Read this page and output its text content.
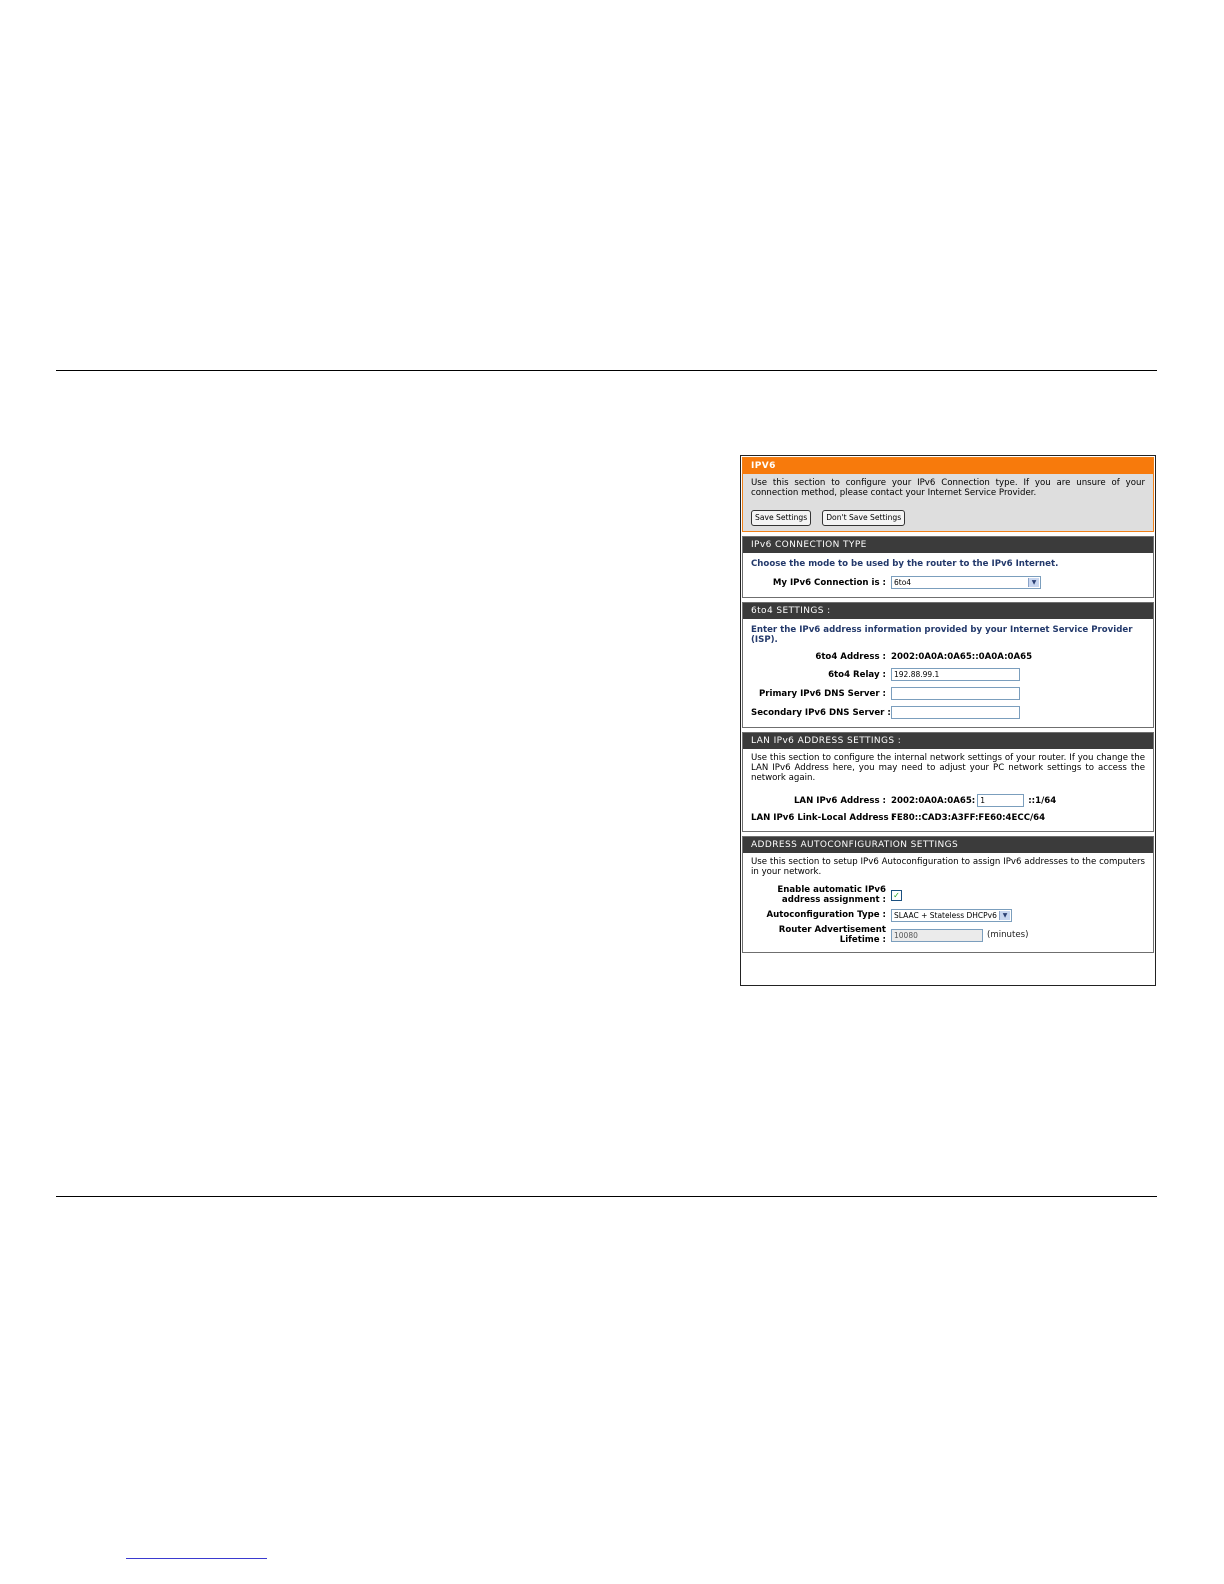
IPV6
Use this section to configure your IPv6 Connection type. If you are unsure of your connection method, please contact your Internet Service Provider.
Save Settings	Don't Save Settings
IPv6 CONNECTION TYPE
Choose the mode to be used by the router to the IPv6 Internet.
My IPv6 Connection is :	6to4	▼
6to4 SETTINGS :
Enter the IPv6 address information provided by your Internet Service Provider (ISP).
6to4 Address : 2002:0A0A:0A65::0A0A:0A65
6to4 Relay :	192.88.99.1
Primary IPv6 DNS Server :
Secondary IPv6 DNS Server :
LAN IPv6 ADDRESS SETTINGS :
Use this section to configure the internal network settings of your router. If you change the LAN IPv6 Address here, you may need to adjust your PC network settings to access the network again.
LAN IPv6 Address : 2002:0A0A:0A65: 1	::1/64
LAN IPv6 Link-Local Address :
FE80::CAD3:A3FF:FE60:4ECC/64
ADDRESS AUTOCONFIGURATION SETTINGS
Use this section to setup IPv6 Autoconfiguration to assign IPv6 addresses to the computers in your network.
Enable automatic IPv6 address assignment : ✓
Autoconfiguration Type :	SLAAC + Stateless DHCPv6 ▼
Router Advertisement Lifetime :	10080	(minutes)
